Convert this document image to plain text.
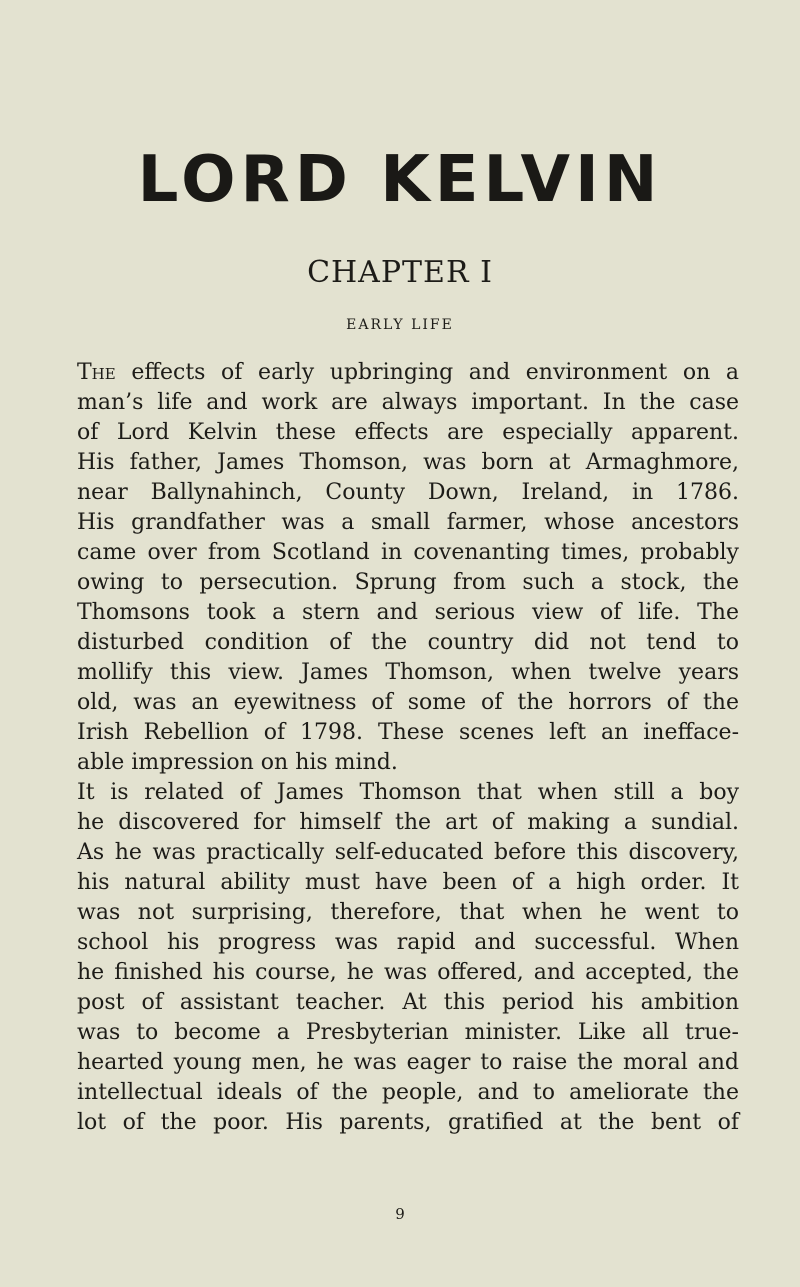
LORD KELVIN
CHAPTER I
EARLY LIFE
The effects of early upbringing and environment on a
man’s life and work are always important. In the case
of Lord Kelvin these effects are especially apparent.
His father, James Thomson, was born at Armaghmore,
near Ballynahinch, County Down, Ireland, in 1786.
His grandfather was a small farmer, whose ancestors
came over from Scotland in covenanting times, probably
owing to persecution. Sprung from such a stock, the
Thomsons took a stern and serious view of life. The
disturbed condition of the country did not tend to
mollify this view. James Thomson, when twelve years
old, was an eyewitness of some of the horrors of the
Irish Rebellion of 1798. These scenes left an inefface-
able impression on his mind.
It is related of James Thomson that when still a boy
he discovered for himself the art of making a sundial.
As he was practically self-educated before this discovery,
his natural ability must have been of a high order. It
was not surprising, therefore, that when he went to
school his progress was rapid and successful. When
he finished his course, he was offered, and accepted, the
post of assistant teacher. At this period his ambition
was to become a Presbyterian minister. Like all true-
hearted young men, he was eager to raise the moral and
intellectual ideals of the people, and to ameliorate the
lot of the poor. His parents, gratified at the bent of
9
